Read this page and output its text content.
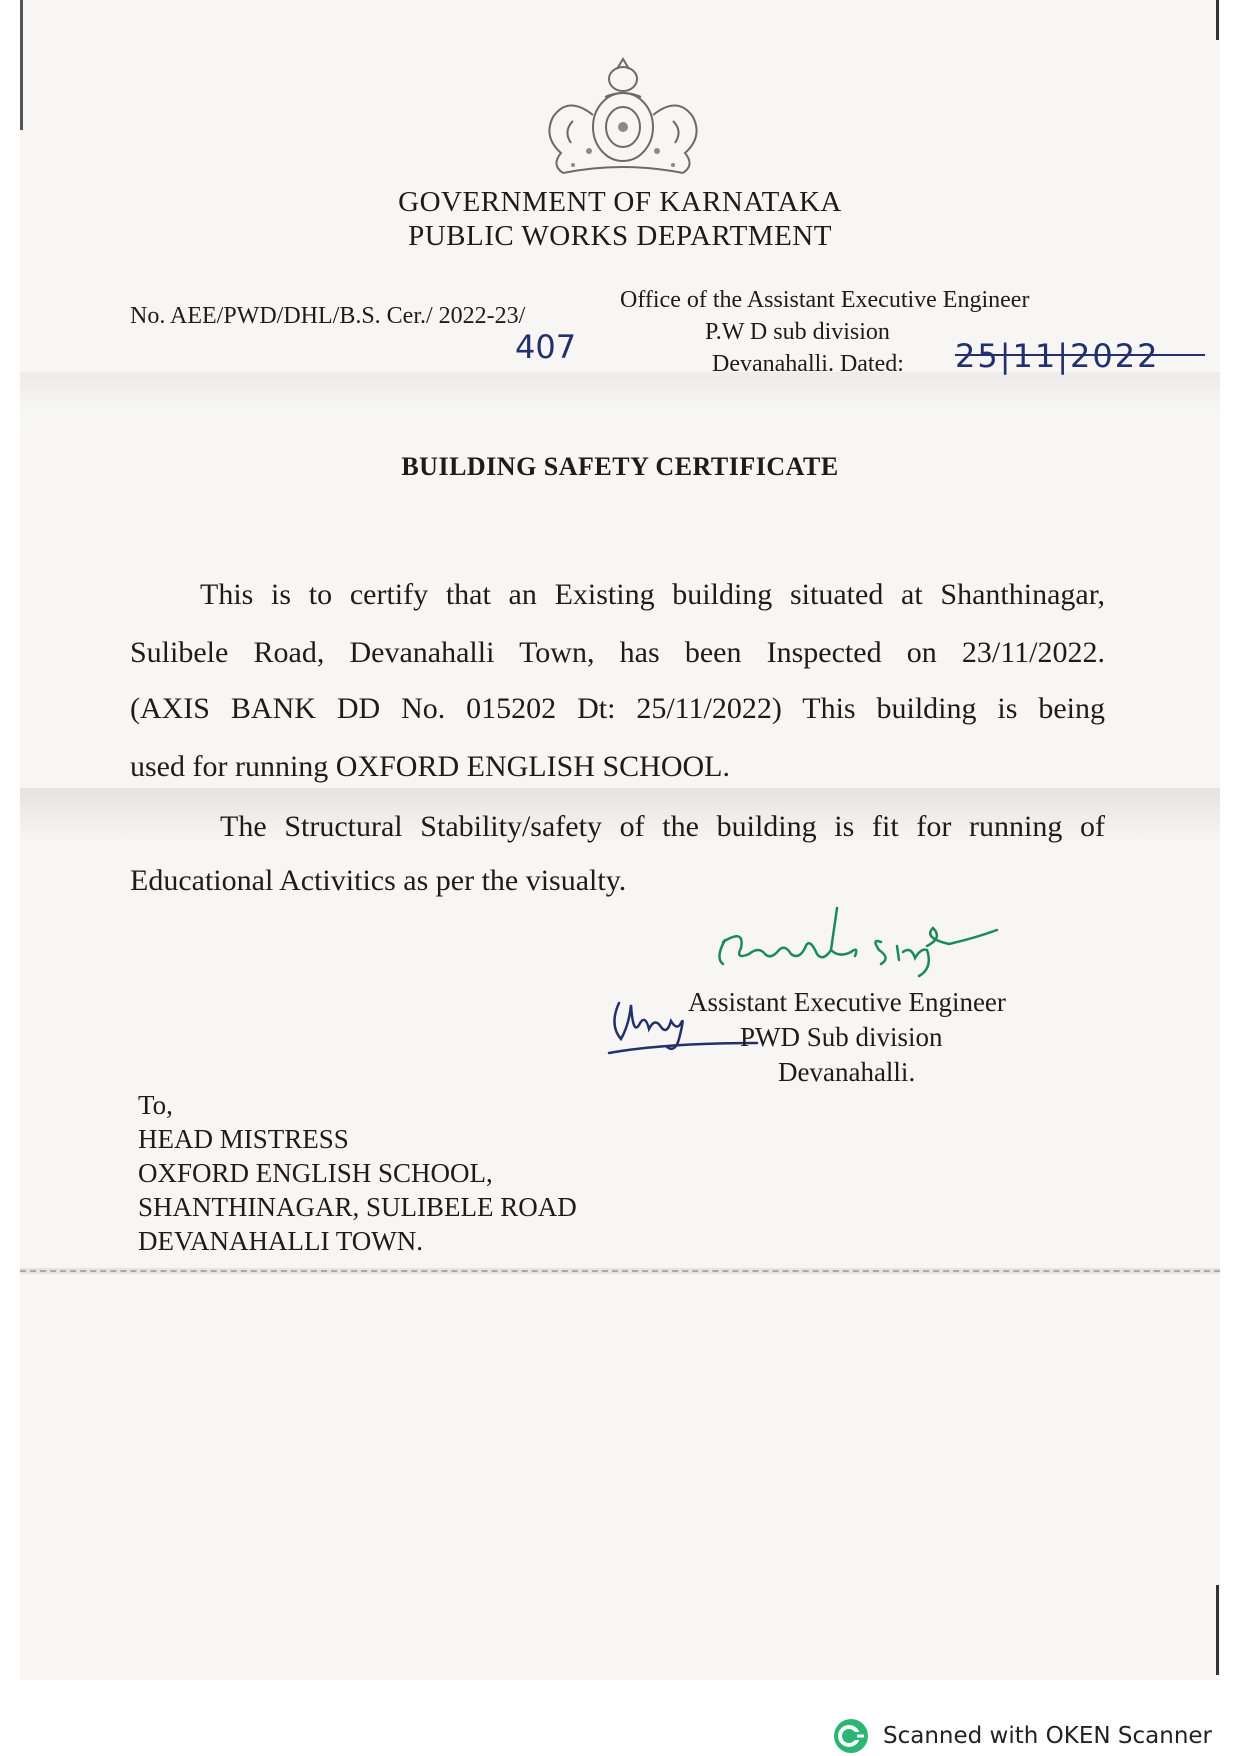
GOVERNMENT OF KARNATAKA
PUBLIC WORKS DEPARTMENT
No. AEE/PWD/DHL/B.S. Cer./ 2022-23/
407
Office of the Assistant Executive Engineer
P.W D sub division
Devanahalli. Dated: 25|11|2022
BUILDING SAFETY CERTIFICATE
This is to certify that an Existing building situated at Shanthinagar,
Sulibele Road, Devanahalli Town, has been Inspected on 23/11/2022.
(AXIS BANK DD No. 015202 Dt: 25/11/2022) This building is being
used for running OXFORD ENGLISH SCHOOL.
The Structural Stability/safety of the building is fit for running of
Educational Activitics as per the visualty.
Assistant Executive Engineer
PWD Sub division
Devanahalli.
To,
HEAD MISTRESS
OXFORD ENGLISH SCHOOL,
SHANTHINAGAR, SULIBELE ROAD
DEVANAHALLI TOWN.
Scanned with OKEN Scanner
